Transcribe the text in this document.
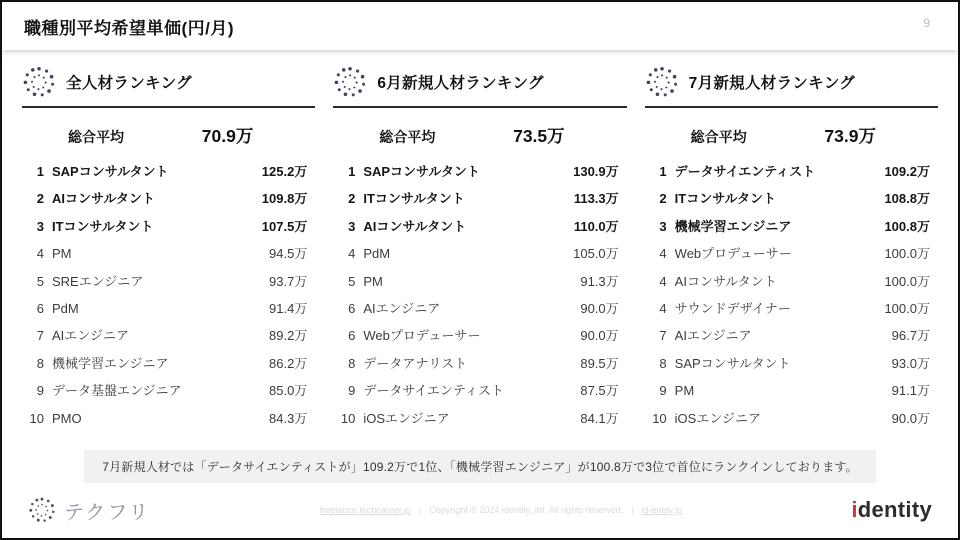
職種別平均希望単価(円/月)	9
全人材ランキング
総合平均	70.9万
1 SAPコンサルタント	125.2万
2 AIコンサルタント	109.8万
3 ITコンサルタント	107.5万
4 PM	94.5万
5 SREエンジニア	93.7万
6 PdM	91.4万
7 AIエンジニア	89.2万
8 機械学習エンジニア	86.2万
9 データ基盤エンジニア	85.0万
10 PMO	84.3万
6月新規人材ランキング
総合平均	73.5万
1 SAPコンサルタント	130.9万
2 ITコンサルタント	113.3万
3 AIコンサルタント	110.0万
4 PdM	105.0万
5 PM	91.3万
6 AIエンジニア	90.0万
6 Webプロデューサー	90.0万
8 データアナリスト	89.5万
9 データサイエンティスト	87.5万
10 iOSエンジニア	84.1万
7月新規人材ランキング
総合平均	73.9万
1 データサイエンティスト	109.2万
2 ITコンサルタント	108.8万
3 機械学習エンジニア	100.8万
4 Webプロデューサー	100.0万
4 AIコンサルタント	100.0万
4 サウンドデザイナー	100.0万
7 AIエンジニア	96.7万
8 SAPコンサルタント	93.0万
9 PM	91.1万
10 iOSエンジニア	90.0万
7月新規人材では「データサイエンティストが」109.2万で1位、「機械学習エンジニア」が100.8万で3位で首位にランクインしております。
テクフリ	freelance.techcareer.jp | Copyright © 2024 identity, ltd. All rights reserved. | id-entity.jp	identity
